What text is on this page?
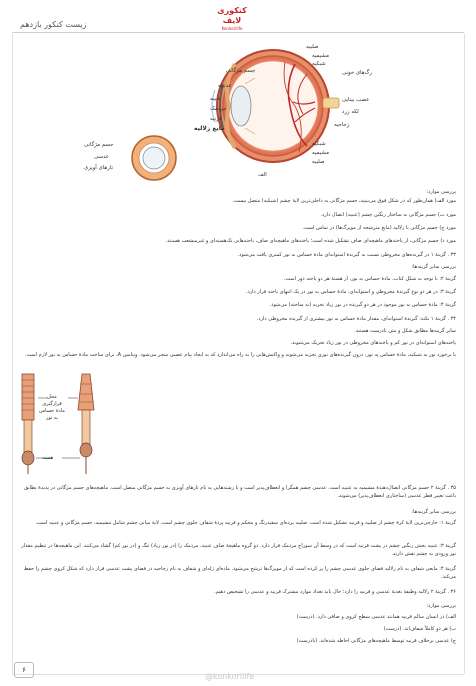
زیست کنکور یازدهم
کنکوری لایف
Konkorilife
جسم مژگانی
عدنبیه
عنبیه
مردمک
قرنیه
مایع زلالیه
صلبیه
مشیمیه
شبکیه
رگ‌های خونی
عصب بینایی
لکه زرد
زجاجیه
شبکیه
مشیمیه
صلبیه
الف
جسم مژگانی
عدسی
تارهای آویزی
بررسی موارد:
مورد الف) همان‌طور که در شکل فوق می‌بینید، جسم مژگانی به داخلی‌ترین لایهٔ چشم (شبکیه) متصل نیست.
مورد ب) جسم مژگانی به ساختار رنگین چشم (عنبیه) اتصال دارد.
مورد ج) جسم مژگانی با زلالیه (مایع مترشحه از مویرگ‌ها) در تماس است.
مورد د) جسم مژگانی، از یاخته‌های ماهیچه‌ای صاف تشکیل شده است؛ یاخته‌های ماهیچه‌ای صاف، یاخته‌هایی تک‌هسته‌ای و غیرمنشعب هستند.
۳۳ . گزینهٔ ۱ در گیرنده‌های مخروطی نسبت به گیرندهٔ استوانه‌ای مادهٔ حساس به نور کمتری یافت می‌شود.
بررسی سایر گزینه‌ها:
گزینهٔ ۲: با توجه به شکل کتاب، مادهٔ حساس به نور، از هستهٔ هر دو یاخته دور است.
گزینهٔ ۳: در هر دو نوع گیرندهٔ مخروطی و استوانه‌ای، مادهٔ حساس به نور در یک انتهای یاخته قرار دارد.
گزینهٔ ۴: مادهٔ حساس به نور موجود در هر دو گیرنده در نور زیاد تجزیه (نه ساخته) می‌شود.
۳۴ . گزینهٔ ۱ نکته: گیرندهٔ استوانه‌ای، مقدار مادهٔ حساس به نور بیشتری از گیرنده مخروطی دارد.
سایر گزینه‌ها مطابق شکل و متن نادرست هستند.
یاخته‌های استوانه‌ای در نور کم و یاخته‌های مخروطی در نور زیاد تحریک می‌شوند.
با برخورد نور به شبکیه، مادهٔ حساس به نور، درون گیرنده‌های نوری تجزیه می‌شوند و واکنش‌هایی را به راه می‌اندازد که به ایجاد پیام عصبی منجر می‌شود. ویتامین A، برای ساخت مادهٔ حساس به نور لازم است.
محل قرارگیری مادهٔ حساس به نور
هسته
۳۵ . گزینهٔ ۲ جسم مژگانی اتصال‌دهندهٔ مشیمیه به عنبیه است. عدسی چشم همگرا و انعطاف‌پذیر است و با رشته‌هایی به نام تارهای آویزی به جسم مژگانی متصل است. ماهیچه‌های جسم مژگانی در پدیدهٔ تطابق باعث تغییر قطر عدسی (ساختاری انعطاف‌پذیر) می‌شوند.
بررسی سایر گزینه‌ها:
گزینهٔ ۱: خارجی‌ترین لایهٔ کرهٔ چشم از صلبیه و قرنیه تشکیل شده است. صلبیه پرده‌ای سفیدرنگ و محکم و قرنیه پردهٔ شفاف جلوی چشم است. لایهٔ میانی چشم شامل مشیمیه، جسم مژگانی و عنبیه است.
گزینهٔ ۳: عنبیه بخش رنگین چشم در پشت قرنیه است که در وسط آن سوراخ مردمک قرار دارد. دو گروه ماهیچهٔ صاف عنبیه، مردمک را (در نور زیاد) تنگ و (در نور کم) گشاد می‌کنند. این ماهیچه‌ها در تنظیم مقدار نور ورودی به چشم نقش دارند.
گزینهٔ ۴: مایعی شفاف به نام زلالیه فضای جلوی عدسی چشم را پر کرده است که از مویرگ‌ها ترشح می‌شود. ماده‌ای ژله‌ای و شفاف به نام زجاجیه در فضای پشت عدسی قرار دارد که شکل کروی چشم را حفظ می‌کند.
۳۶ . گزینهٔ ۲ زلالیه وظیفهٔ تغذیهٔ عدسی و قرنیه را دارد؛ حال باید تعداد موارد مشترک قرنیه و عدسی را تشخیص دهیم.
بررسی موارد:
الف) در انسان سالم قرنیه همانند عدسی سطح کروی و صافی دارد. (درست)
ب) هر دو کاملاً شفاف‌اند. (درست)
ج) عدسی برخلاف قرنیه توسط ماهیچه‌های مژگانی احاطه شده‌اند. (نادرست)
۶
@konkorilife
